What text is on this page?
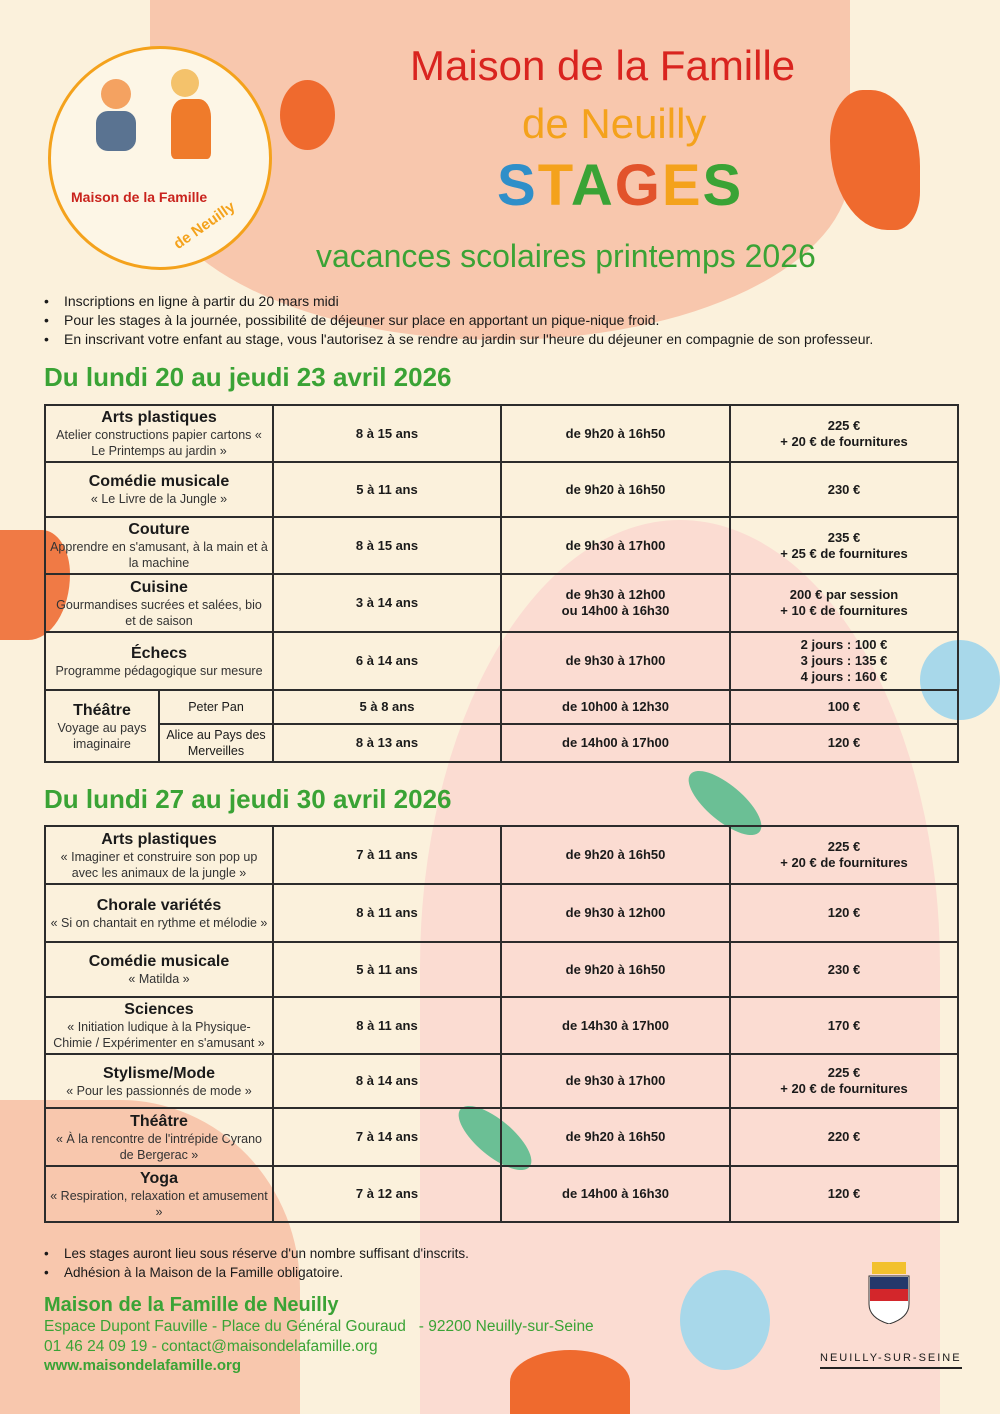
Maison de la Famille
de Neuilly
Maison de la Famille
de Neuilly
STAGES
vacances scolaires printemps 2026
• Inscriptions en ligne à partir du 20 mars midi
• Pour les stages à la journée, possibilité de déjeuner sur place en apportant un pique-nique froid.
• En inscrivant votre enfant au stage, vous l'autorisez à se rendre au jardin sur l'heure du déjeuner en compagnie de son professeur.
Du lundi 20 au jeudi 23 avril 2026
Arts plastiques
Atelier constructions papier cartons « Le Printemps au jardin »		8 à 15 ans	de 9h20 à 16h50	225 €
+ 20 € de fournitures

Comédie musicale
« Le Livre de la Jungle »		5 à 11 ans	de 9h20 à 16h50	230 €

Couture
Apprendre en s'amusant, à la main et à la machine		8 à 15 ans	de 9h30 à 17h00	235 €
+ 25 € de fournitures

Cuisine
Gourmandises sucrées et salées, bio et de saison		3 à 14 ans	de 9h30 à 12h00
ou 14h00 à 16h30	200 € par session
+ 10 € de fournitures

Échecs
Programme pédagogique sur mesure		6 à 14 ans	de 9h30 à 17h00	2 jours : 100 €
3 jours : 135 €
4 jours : 160 €

Théâtre
Voyage au pays imaginaire	Peter Pan	5 à 8 ans	de 10h00 à 12h30	100 €
	Alice au Pays des Merveilles	8 à 13 ans	de 14h00 à 17h00	120 €
Du lundi 27 au jeudi 30 avril 2026
Arts plastiques
« Imaginer et construire son pop up avec les animaux de la jungle »	7 à 11 ans	de 9h20 à 16h50	225 €
+ 20 € de fournitures

Chorale variétés
« Si on chantait en rythme et mélodie »	8 à 11 ans	de 9h30 à 12h00	120 €

Comédie musicale
« Matilda »	5 à 11 ans	de 9h20 à 16h50	230 €

Sciences
« Initiation ludique à la Physique-Chimie / Expérimenter en s'amusant »	8 à 11 ans	de 14h30 à 17h00	170 €

Stylisme/Mode
« Pour les passionnés de mode »	8 à 14 ans	de 9h30 à 17h00	225 €
+ 20 € de fournitures

Théâtre
« À la rencontre de l'intrépide Cyrano de Bergerac »	7 à 14 ans	de 9h20 à 16h50	220 €

Yoga
« Respiration, relaxation et amusement »	7 à 12 ans	de 14h00 à 16h30	120 €
• Les stages auront lieu sous réserve d'un nombre suffisant d'inscrits.
• Adhésion à la Maison de la Famille obligatoire.
Maison de la Famille de Neuilly
Espace Dupont Fauville - Place du Général Gouraud   - 92200 Neuilly-sur-Seine
01 46 24 09 19 - contact@maisondelafamille.org
www.maisondelafamille.org	NEUILLY-SUR-SEINE
